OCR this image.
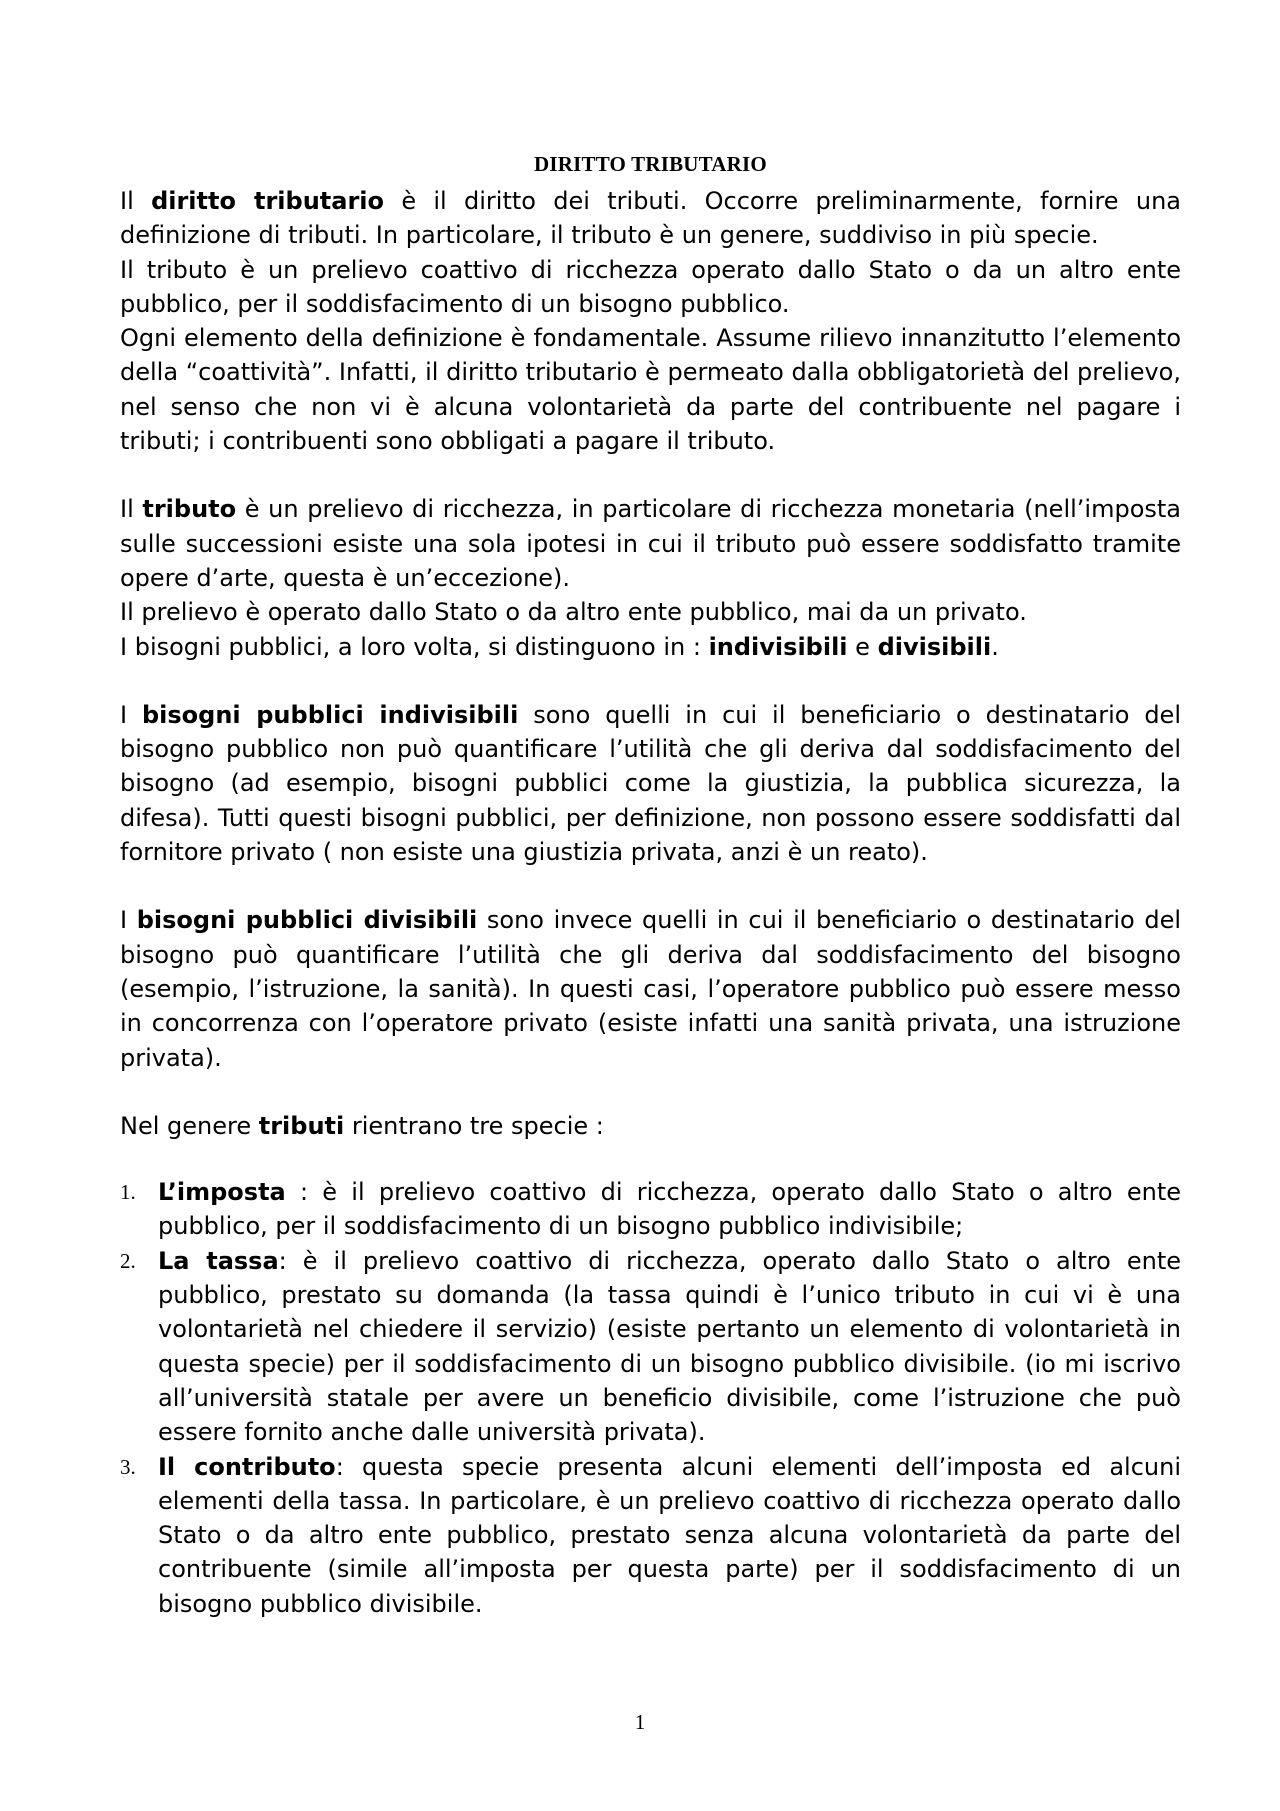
DIRITTO TRIBUTARIO

Il diritto tributario è il diritto dei tributi. Occorre preliminarmente, fornire una definizione di tributi. In particolare, il tributo è un genere, suddiviso in più specie.

Il tributo è un prelievo coattivo di ricchezza operato dallo Stato o da un altro ente pubblico, per il soddisfacimento di un bisogno pubblico.

Ogni elemento della definizione è fondamentale. Assume rilievo innanzitutto l’elemento della “coattività”. Infatti, il diritto tributario è permeato dalla obbligatorietà del prelievo, nel senso che non vi è alcuna volontarietà da parte del contribuente nel pagare i tributi; i contribuenti sono obbligati a pagare il tributo.

Il tributo è un prelievo di ricchezza, in particolare di ricchezza monetaria (nell’imposta sulle successioni esiste una sola ipotesi in cui il tributo può essere soddisfatto tramite opere d’arte, questa è un’eccezione).

Il prelievo è operato dallo Stato o da altro ente pubblico, mai da un privato.

I bisogni pubblici, a loro volta, si distinguono in : indivisibili e divisibili.

I bisogni pubblici indivisibili sono quelli in cui il beneficiario o destinatario del bisogno pubblico non può quantificare l’utilità che gli deriva dal soddisfacimento del bisogno (ad esempio, bisogni pubblici come la giustizia, la pubblica sicurezza, la difesa). Tutti questi bisogni pubblici, per definizione, non possono essere soddisfatti dal fornitore privato ( non esiste una giustizia privata, anzi è un reato).

I bisogni pubblici divisibili sono invece quelli in cui il beneficiario o destinatario del bisogno può quantificare l’utilità che gli deriva dal soddisfacimento del bisogno (esempio, l’istruzione, la sanità). In questi casi, l’operatore pubblico può essere messo in concorrenza con l’operatore privato (esiste infatti una sanità privata, una istruzione privata).

Nel genere tributi rientrano tre specie :

1. L’imposta : è il prelievo coattivo di ricchezza, operato dallo Stato o altro ente pubblico, per il soddisfacimento di un bisogno pubblico indivisibile;
2. La tassa: è il prelievo coattivo di ricchezza, operato dallo Stato o altro ente pubblico, prestato su domanda (la tassa quindi è l’unico tributo in cui vi è una volontarietà nel chiedere il servizio) (esiste pertanto un elemento di volontarietà in questa specie) per il soddisfacimento di un bisogno pubblico divisibile. (io mi iscrivo all’università statale per avere un beneficio divisibile, come l’istruzione che può essere fornito anche dalle università privata).
3. Il contributo: questa specie presenta alcuni elementi dell’imposta ed alcuni elementi della tassa. In particolare, è un prelievo coattivo di ricchezza operato dallo Stato o da altro ente pubblico, prestato senza alcuna volontarietà da parte del contribuente (simile all’imposta per questa parte) per il soddisfacimento di un bisogno pubblico divisibile.
1
